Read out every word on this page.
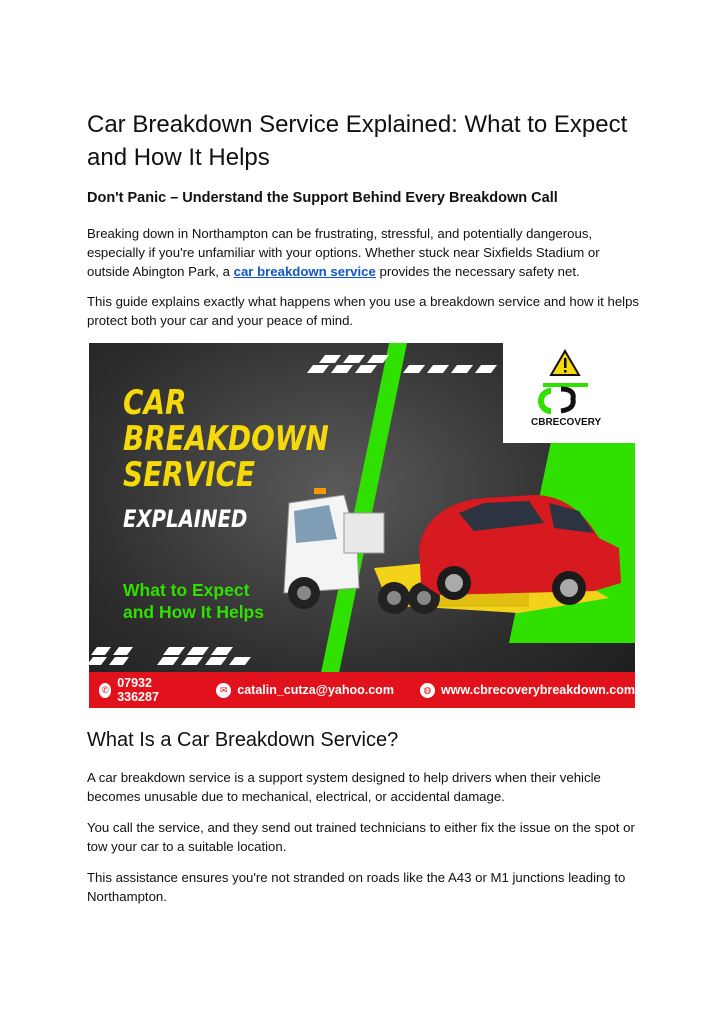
Car Breakdown Service Explained: What to Expect and How It Helps
Don't Panic – Understand the Support Behind Every Breakdown Call

Breaking down in Northampton can be frustrating, stressful, and potentially dangerous, especially if you're unfamiliar with your options. Whether stuck near Sixfields Stadium or outside Abington Park, a car breakdown service provides the necessary safety net.

This guide explains exactly what happens when you use a breakdown service and how it helps protect both your car and your peace of mind.

What Is a Car Breakdown Service?

A car breakdown service is a support system designed to help drivers when their vehicle becomes unusable due to mechanical, electrical, or accidental damage.

You call the service, and they send out trained technicians to either fix the issue on the spot or tow your car to a suitable location.

This assistance ensures you're not stranded on roads like the A43 or M1 junctions leading to Northampton.

CAR
BREAKDOWN
SERVICE
EXPLAINED
What to Expect
and How It Helps
CBRECOVERY
✆ 07932 336287
✉ catalin_cutza@yahoo.com	◍ www.cbrecoverybreakdown.com
